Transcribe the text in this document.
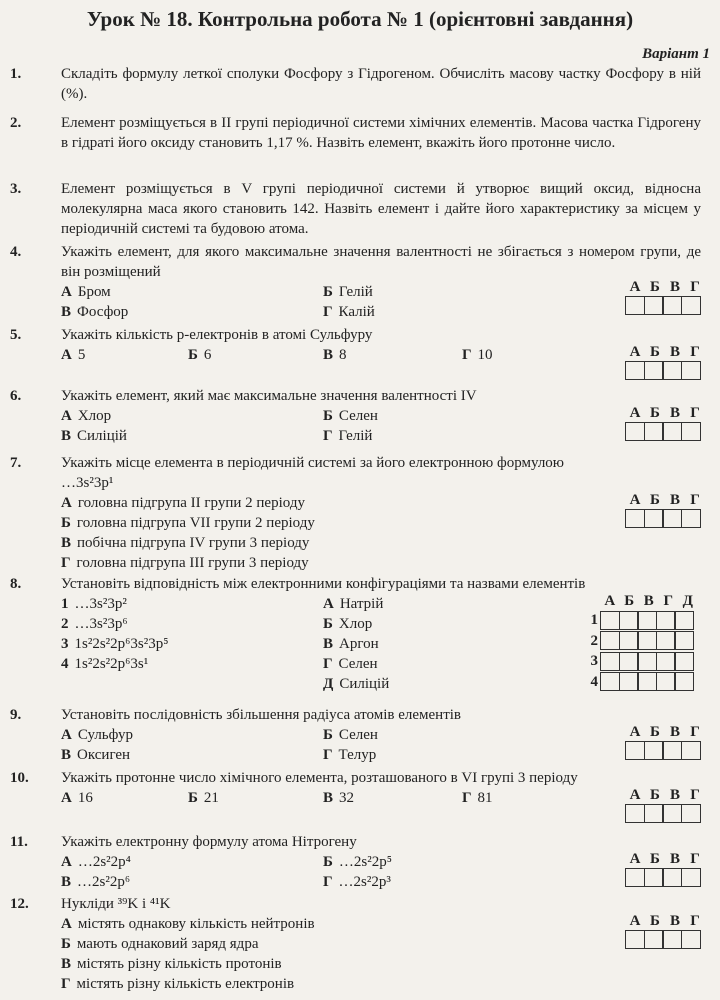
Урок № 18. Контрольна робота № 1 (орієнтовні завдання)
Варіант 1
1.	Складіть формулу леткої сполуки Фосфору з Гідрогеном. Обчисліть масову частку Фосфору в ній (%).
2.	Елемент розміщується в II групі періодичної системи хімічних елементів. Масова частка Гідрогену в гідраті його оксиду становить 1,17 %. Назвіть елемент, вкажіть його протонне число.
3.	Елемент розміщується в V групі періодичної системи й утворює вищий оксид, відносна молекулярна маса якого становить 142. Назвіть елемент і дайте його характеристику за місцем у періодичній системі та будовою атома.
4.	Укажіть елемент, для якого максимальне значення валентності не збігається з номером групи, де він розміщений
А Бром	Б Гелій
В Фосфор	Г Калій
А Б В Г
5.	Укажіть кількість p-електронів в атомі Сульфуру
А 5	Б 6	В 8	Г 10	А Б В Г
6.	Укажіть елемент, який має максимальне значення валентності IV
А Хлор	Б Селен
В Силіцій	Г Гелій
А Б В Г
7.	Укажіть місце елемента в періодичній системі за його електронною формулою
…3s²3p¹
А головна підгрупа II групи 2 періоду
Б головна підгрупа VII групи 2 періоду
В побічна підгрупа IV групи 3 періоду
Г головна підгрупа III групи 3 періоду
А Б В Г
8.	Установіть відповідність між електронними конфігураціями та назвами елементів
1 …3s²3p²
2 …3s²3p⁶
3 1s²2s²2p⁶3s²3p⁵
4 1s²2s²2p⁶3s¹
А Натрій
Б Хлор
В Аргон
Г Селен
Д Силіцій
А Б В Г Д
1
2
3
4
9.	Установіть послідовність збільшення радіуса атомів елементів
А Сульфур	Б Селен
В Оксиген	Г Телур
А Б В Г
10. Укажіть протонне число хімічного елемента, розташованого в VI групі 3 періоду
А 16	Б 21	В 32	Г 81	А Б В Г
11. Укажіть електронну формулу атома Нітрогену
А …2s²2p⁴	Б …2s²2p⁵
В …2s²2p⁶	Г …2s²2p³
А Б В Г
12. Нукліди ³⁹K і ⁴¹K
А містять однакову кількість нейтронів
Б мають однаковий заряд ядра
В містять різну кількість протонів
Г містять різну кількість електронів
А Б В Г
